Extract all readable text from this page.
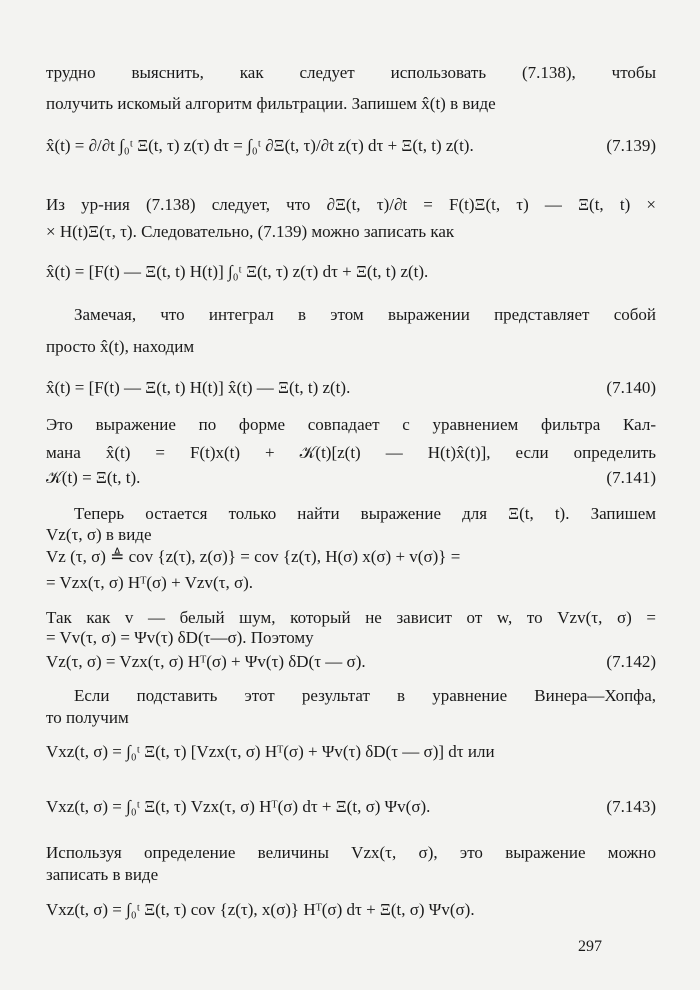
трудно выяснить, как следует использовать (7.138), чтобы
получить искомый алгоритм фильтрации. Запишем x̂(t) в виде
x̂(t) = ∂/∂t ∫₀ᵗ Ξ(t, τ) z(τ) dτ = ∫₀ᵗ ∂Ξ(t, τ)/∂t z(τ) dτ + Ξ(t, t) z(t).	(7.139)
Из ур-ния (7.138) следует, что ∂Ξ(t, τ)/∂t = F(t)Ξ(t, τ) — Ξ(t, t) ×
× H(t)Ξ(τ, τ). Следовательно, (7.139) можно записать как
x̂(t) = [F(t) — Ξ(t, t) H(t)] ∫₀ᵗ Ξ(t, τ) z(τ) dτ + Ξ(t, t) z(t).
Замечая, что интеграл в этом выражении представляет собой
просто x̂(t), находим
x̂(t) = [F(t) — Ξ(t, t) H(t)] x̂(t) — Ξ(t, t) z(t).	(7.140)
Это выражение по форме совпадает с уравнением фильтра Кал-
мана x̂(t) = F(t)x(t) + 𝒦(t)[z(t) — H(t)x̂(t)], если определить
𝒦(t) = Ξ(t, t).	(7.141)
Теперь остается только найти выражение для Ξ(t, t). Запишем
Vz(τ, σ) в виде
Vz (τ, σ) ≜ cov {z(τ), z(σ)} = cov {z(τ), H(σ) x(σ) + v(σ)} =
= Vzx(τ, σ) Hᵀ(σ) + Vzv(τ, σ).
Так как v — белый шум, который не зависит от w, то Vzv(τ, σ) =
= Vv(τ, σ) = Ψv(τ) δD(τ—σ). Поэтому
Vz(τ, σ) = Vzx(τ, σ) Hᵀ(σ) + Ψv(τ) δD(τ — σ).	(7.142)
Если подставить этот результат в уравнение Винера—Хопфа,
то получим
Vxz(t, σ) = ∫₀ᵗ Ξ(t, τ) [Vzx(τ, σ) Hᵀ(σ) + Ψv(τ) δD(τ — σ)] dτ или
Vxz(t, σ) = ∫₀ᵗ Ξ(t, τ) Vzx(τ, σ) Hᵀ(σ) dτ + Ξ(t, σ) Ψv(σ).	(7.143)
Используя определение величины Vzx(τ, σ), это выражение можно
записать в виде
Vxz(t, σ) = ∫₀ᵗ Ξ(t, τ) cov {z(τ), x(σ)} Hᵀ(σ) dτ + Ξ(t, σ) Ψv(σ).
297
